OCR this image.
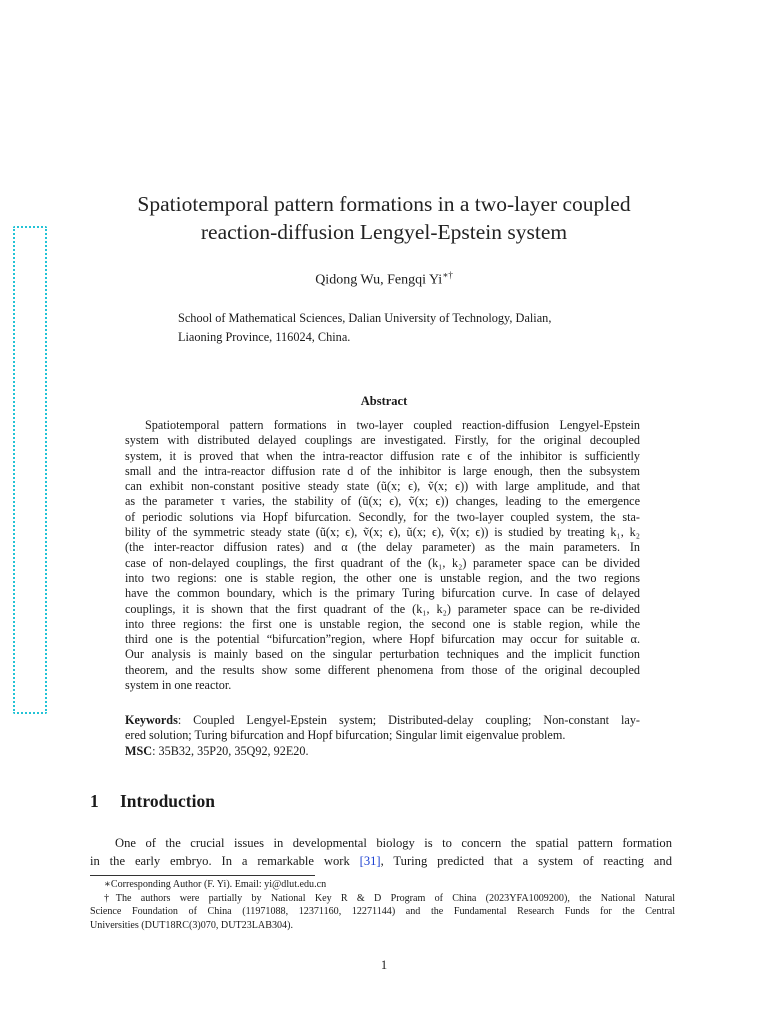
Spatiotemporal pattern formations in a two-layer coupled
reaction-diffusion Lengyel-Epstein system
Qidong Wu, Fengqi Yi∗†
School of Mathematical Sciences, Dalian University of Technology, Dalian,
Liaoning Province, 116024, China.
Abstract
Spatiotemporal pattern formations in two-layer coupled reaction-diffusion Lengyel-Epstein
system with distributed delayed couplings are investigated. Firstly, for the original decoupled
system, it is proved that when the intra-reactor diffusion rate ϵ of the inhibitor is sufficiently
small and the intra-reactor diffusion rate d of the inhibitor is large enough, then the subsystem
can exhibit non-constant positive steady state (ũ(x; ϵ), ṽ(x; ϵ)) with large amplitude, and that
as the parameter τ varies, the stability of (ũ(x; ϵ), ṽ(x; ϵ)) changes, leading to the emergence
of periodic solutions via Hopf bifurcation. Secondly, for the two-layer coupled system, the sta-
bility of the symmetric steady state (ũ(x; ϵ), ṽ(x; ϵ), ũ(x; ϵ), ṽ(x; ϵ)) is studied by treating k₁, k₂
(the inter-reactor diffusion rates) and α (the delay parameter) as the main parameters. In
case of non-delayed couplings, the first quadrant of the (k₁, k₂) parameter space can be divided
into two regions: one is stable region, the other one is unstable region, and the two regions
have the common boundary, which is the primary Turing bifurcation curve. In case of delayed
couplings, it is shown that the first quadrant of the (k₁, k₂) parameter space can be re-divided
into three regions: the first one is unstable region, the second one is stable region, while the
third one is the potential “bifurcation”region, where Hopf bifurcation may occur for suitable α.
Our analysis is mainly based on the singular perturbation techniques and the implicit function
theorem, and the results show some different phenomena from those of the original decoupled
system in one reactor.
Keywords: Coupled Lengyel-Epstein system; Distributed-delay coupling; Non-constant lay-
ered solution; Turing bifurcation and Hopf bifurcation; Singular limit eigenvalue problem.
MSC: 35B32, 35P20, 35Q92, 92E20.
1 Introduction
One of the crucial issues in developmental biology is to concern the spatial pattern formation
in the early embryo. In a remarkable work [31], Turing predicted that a system of reacting and
∗Corresponding Author (F. Yi). Email: yi@dlut.edu.cn
†The authors were partially by National Key R & D Program of China (2023YFA1009200), the National Natural
Science Foundation of China (11971088, 12371160, 12271144) and the Fundamental Research Funds for the Central
Universities (DUT18RC(3)070, DUT23LAB304).
1
